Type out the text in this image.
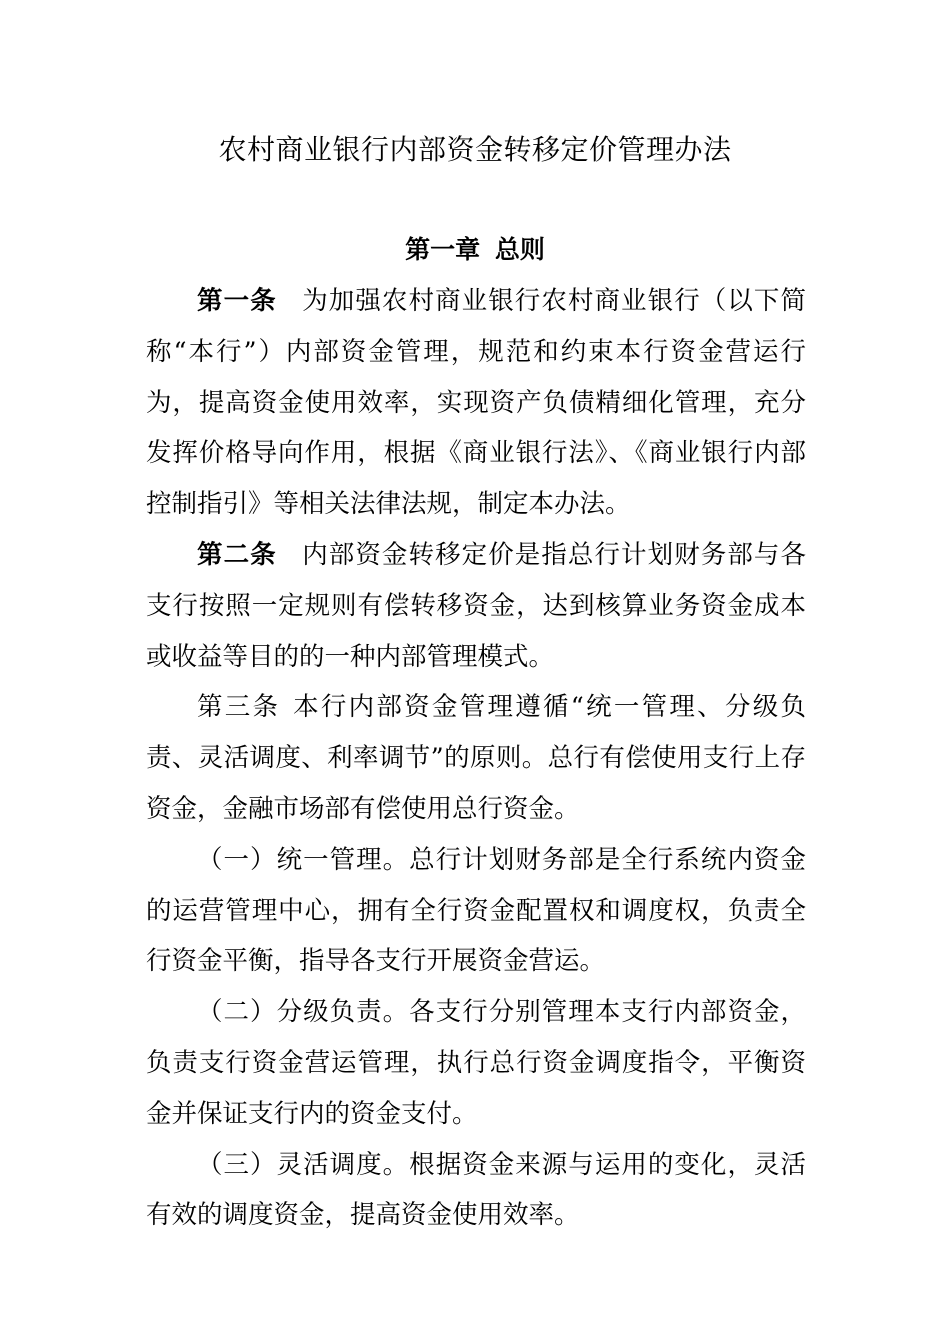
农村商业银行内部资金转移定价管理办法
第一章 总则

第一条 为加强农村商业银行农村商业银行（以下简称“本行”）内部资金管理，规范和约束本行资金营运行为，提高资金使用效率，实现资产负债精细化管理，充分发挥价格导向作用，根据《商业银行法》、《商业银行内部控制指引》等相关法律法规，制定本办法。

第二条 内部资金转移定价是指总行计划财务部与各支行按照一定规则有偿转移资金，达到核算业务资金成本或收益等目的的一种内部管理模式。

第三条 本行内部资金管理遵循“统一管理、分级负责、灵活调度、利率调节”的原则。总行有偿使用支行上存资金，金融市场部有偿使用总行资金。

（一）统一管理。总行计划财务部是全行系统内资金的运营管理中心，拥有全行资金配置权和调度权，负责全行资金平衡，指导各支行开展资金营运。

（二）分级负责。各支行分别管理本支行内部资金，负责支行资金营运管理，执行总行资金调度指令，平衡资金并保证支行内的资金支付。

（三）灵活调度。根据资金来源与运用的变化，灵活有效的调度资金，提高资金使用效率。
